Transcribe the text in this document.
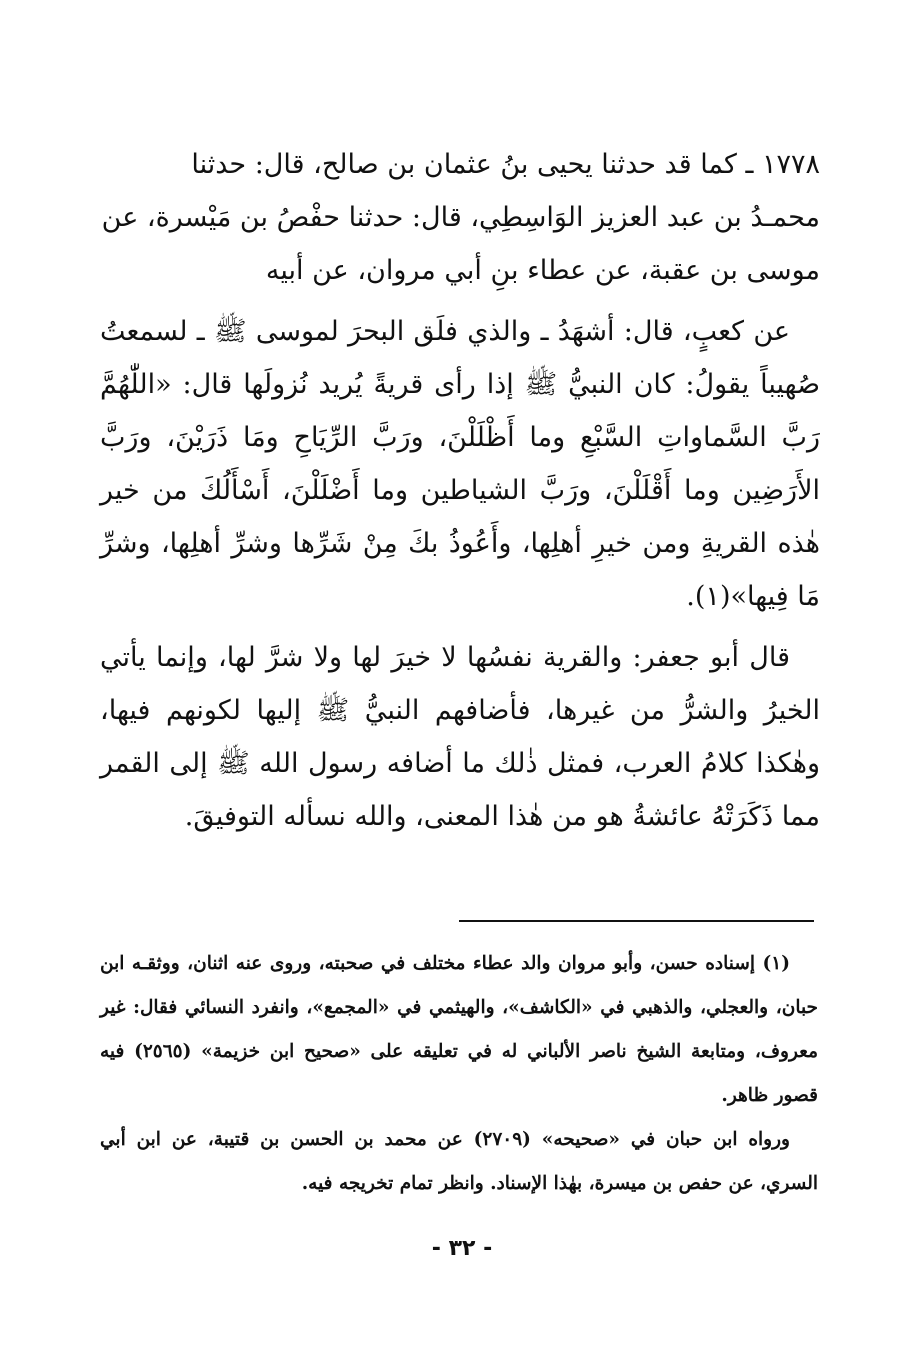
١٧٧٨ ـ كما قد حدثنا يحيى بنُ عثمان بن صالح، قال: حدثنا

محمـدُ بن عبد العزيز الوَاسِطِي، قال: حدثنا حفْصُ بن مَيْسرة، عن

موسى بن عقبة، عن عطاء بنِ أبي مروان، عن أبيه

عن كعبٍ، قال: أشهَدُ ـ والذي فلَق البحرَ لموسى ﷺ ـ لسمعتُ صُهيباً يقولُ: كان النبيُّ ﷺ إذا رأى قريةً يُريد نُزولَها قال: «اللّٰهُمَّ رَبَّ السَّماواتِ السَّبْعِ وما أَظْلَلْنَ، ورَبَّ الرِّيَاحِ ومَا ذَرَيْنَ، ورَبَّ الأَرَضِين وما أَقْلَلْنَ، ورَبَّ الشياطين وما أَضْلَلْنَ، أَسْأَلُكَ من خير هٰذه القريةِ ومن خيرِ أهلِها، وأَعُوذُ بكَ مِنْ شَرِّها وشرِّ أهلِها، وشرِّ مَا فِيها»(١).

قال أبو جعفر: والقرية نفسُها لا خيرَ لها ولا شرَّ لها، وإنما يأتي الخيرُ والشرُّ من غيرها، فأضافهم النبيُّ ﷺ إليها لكونهم فيها، وهٰكذا كلامُ العرب، فمثل ذٰلك ما أضافه رسول الله ﷺ إلى القمر مما ذَكَرَتْهُ عائشةُ هو من هٰذا المعنى، والله نسأله التوفيقَ.

(١) إسناده حسن، وأبو مروان والد عطاء مختلف في صحبته، وروى عنه اثنان، ووثقـه ابن حبان، والعجلي، والذهبي في «الكاشف»، والهيثمي في «المجمع»، وانفرد النسائي فقال: غير معروف، ومتابعة الشيخ ناصر الألباني له في تعليقه على «صحيح ابن خزيمة» (٢٥٦٥) فيه قصور ظاهر.

ورواه ابن حبان في «صحيحه» (٢٧٠٩) عن محمد بن الحسن بن قتيبة، عن ابن أبي السري، عن حفص بن ميسرة، بهٰذا الإسناد. وانظر تمام تخريجه فيه.

- ٣٢ -
